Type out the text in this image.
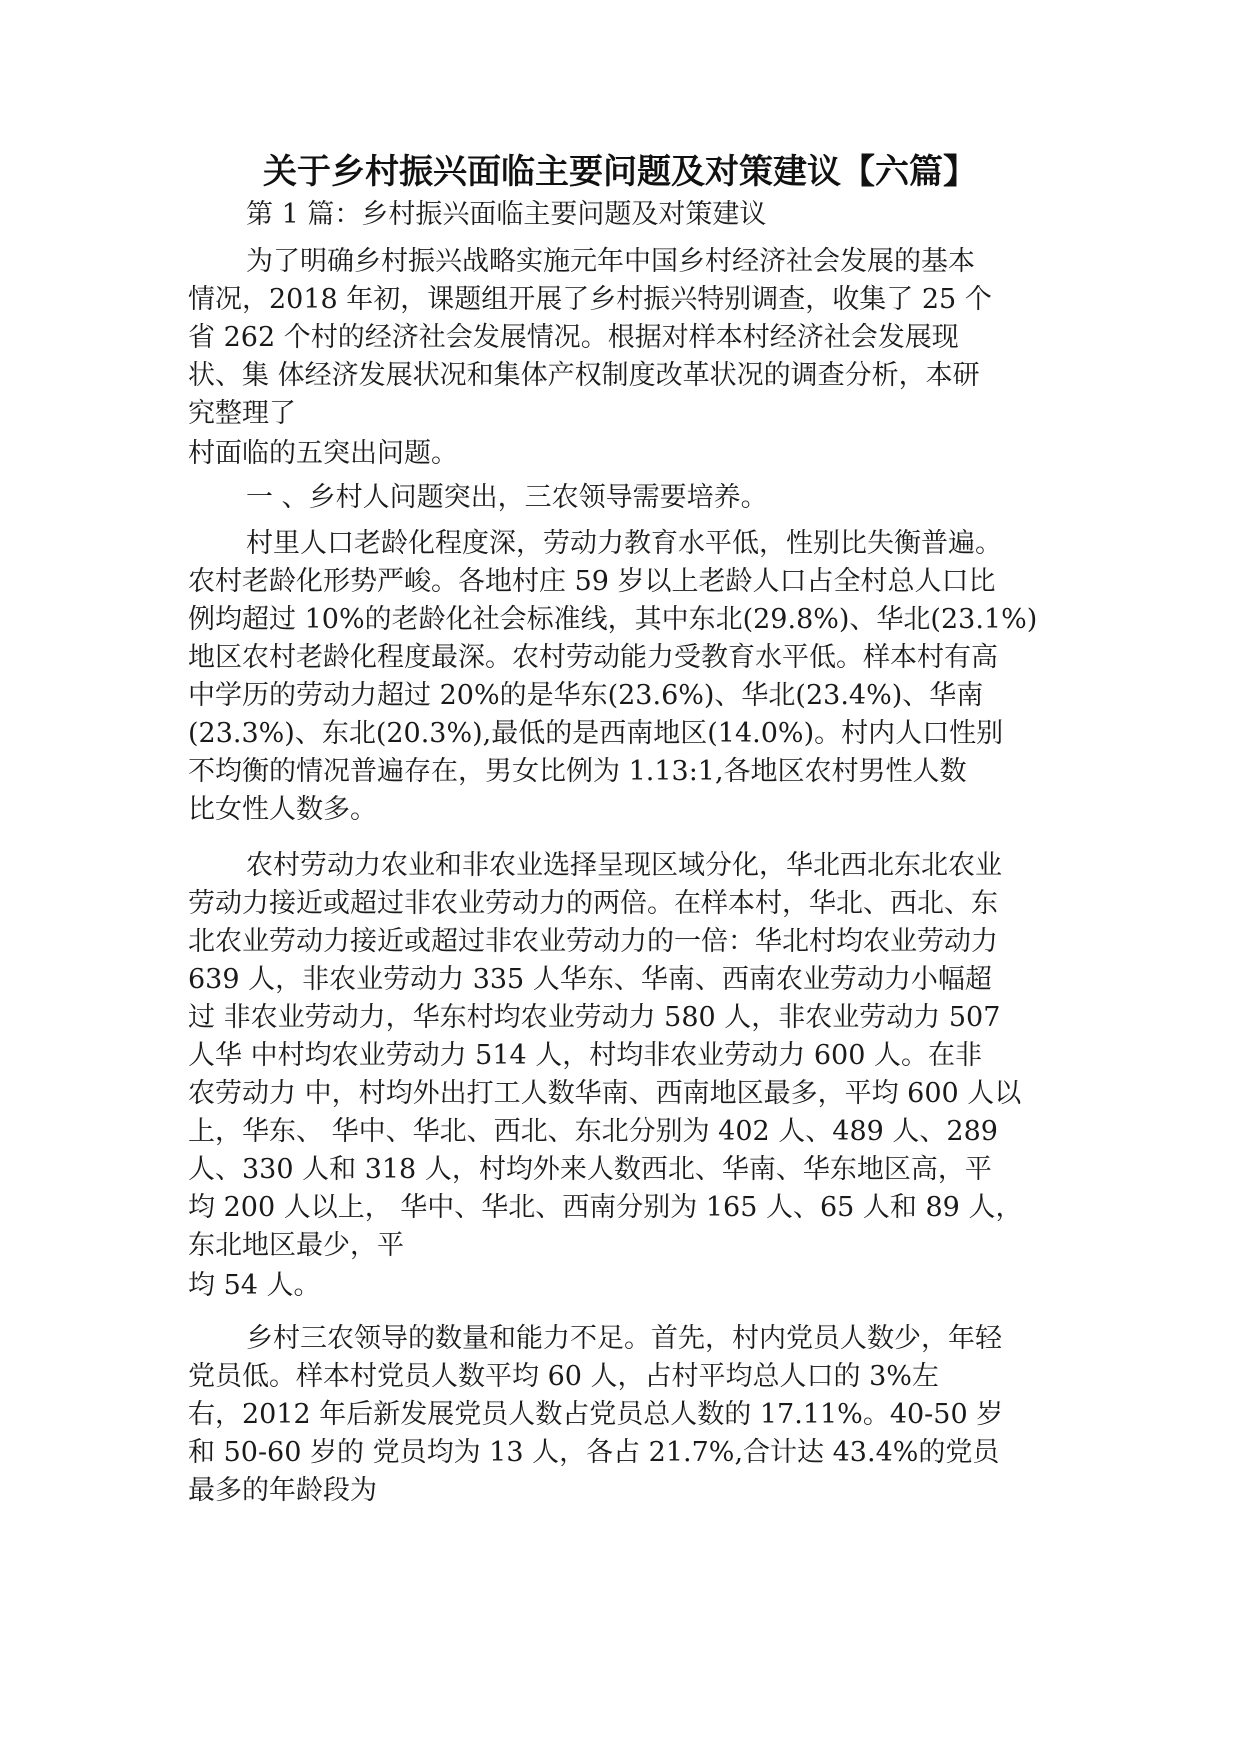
关于乡村振兴面临主要问题及对策建议【六篇】
第 1 篇：乡村振兴面临主要问题及对策建议
为了明确乡村振兴战略实施元年中国乡村经济社会发展的基本
情况，2018 年初，课题组开展了乡村振兴特别调查，收集了 25 个
省 262 个村的经济社会发展情况。根据对样本村经济社会发展现
状、集 体经济发展状况和集体产权制度改革状况的调查分析，本研
究整理了
村面临的五突出问题。
一 、乡村人问题突出，三农领导需要培养。
村里人口老龄化程度深，劳动力教育水平低，性别比失衡普遍。
农村老龄化形势严峻。各地村庄 59 岁以上老龄人口占全村总人口比
例均超过 10%的老龄化社会标准线，其中东北(29.8%)、华北(23.1%)
地区农村老龄化程度最深。农村劳动能力受教育水平低。样本村有高
中学历的劳动力超过 20%的是华东(23.6%)、华北(23.4%)、华南
(23.3%)、东北(20.3%),最低的是西南地区(14.0%)。村内人口性别
不均衡的情况普遍存在，男女比例为 1.13:1,各地区农村男性人数
比女性人数多。
农村劳动力农业和非农业选择呈现区域分化，华北西北东北农业
劳动力接近或超过非农业劳动力的两倍。在样本村，华北、西北、东
北农业劳动力接近或超过非农业劳动力的一倍：华北村均农业劳动力
639 人，非农业劳动力 335 人华东、华南、西南农业劳动力小幅超
过 非农业劳动力，华东村均农业劳动力 580 人，非农业劳动力 507
人华 中村均农业劳动力 514 人，村均非农业劳动力 600 人。在非
农劳动力 中，村均外出打工人数华南、西南地区最多，平均 600 人以
上，华东、 华中、华北、西北、东北分别为 402 人、489 人、289
人、330 人和 318 人，村均外来人数西北、华南、华东地区高，平
均 200 人以上， 华中、华北、西南分别为 165 人、65 人和 89 人，
东北地区最少，平
均 54 人。
乡村三农领导的数量和能力不足。首先，村内党员人数少，年轻
党员低。样本村党员人数平均 60 人，占村平均总人口的 3%左
右，2012 年后新发展党员人数占党员总人数的 17.11%。40-50 岁
和 50-60 岁的 党员均为 13 人，各占 21.7%,合计达 43.4%的党员
最多的年龄段为
